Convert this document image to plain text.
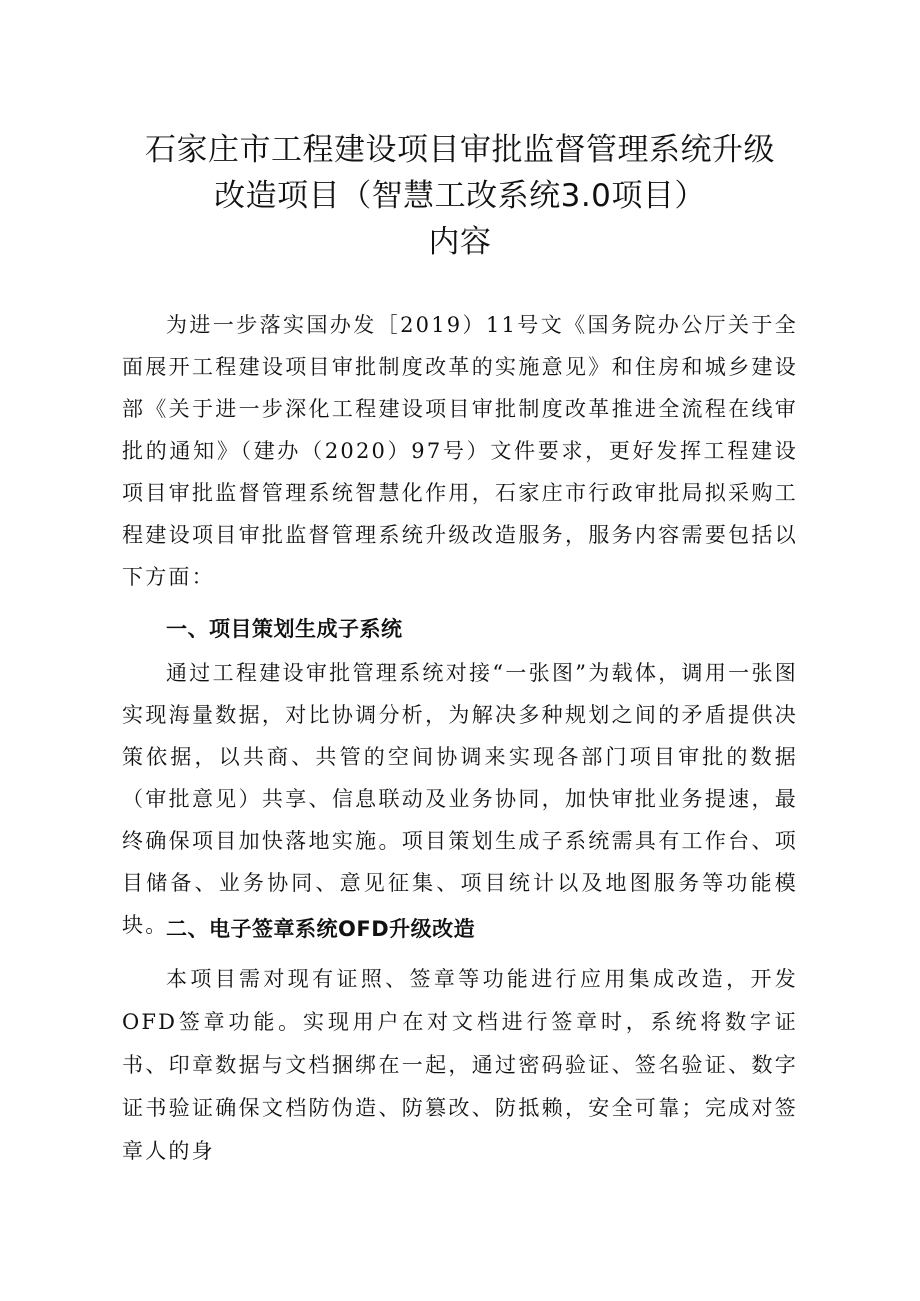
石家庄市工程建设项目审批监督管理系统升级
改造项目（智慧工改系统3.0项目）
内容

为进一步落实国办发［2019）11号文《国务院办公厅关于全面展开工程建设项目审批制度改革的实施意见》和住房和城乡建设部《关于进一步深化工程建设项目审批制度改革推进全流程在线审批的通知》（建办（2020）97号）文件要求，更好发挥工程建设项目审批监督管理系统智慧化作用，石家庄市行政审批局拟采购工程建设项目审批监督管理系统升级改造服务，服务内容需要包括以下方面：

一、项目策划生成子系统

通过工程建设审批管理系统对接“一张图”为载体，调用一张图实现海量数据，对比协调分析，为解决多种规划之间的矛盾提供决策依据，以共商、共管的空间协调来实现各部门项目审批的数据（审批意见）共享、信息联动及业务协同，加快审批业务提速，最终确保项目加快落地实施。项目策划生成子系统需具有工作台、项目储备、业务协同、意见征集、项目统计以及地图服务等功能模块。

二、电子签章系统OFD升级改造

本项目需对现有证照、签章等功能进行应用集成改造，开发OFD签章功能。实现用户在对文档进行签章时，系统将数字证书、印章数据与文档捆绑在一起，通过密码验证、签名验证、数字证书验证确保文档防伪造、防篡改、防抵赖，安全可靠；完成对签章人的身
